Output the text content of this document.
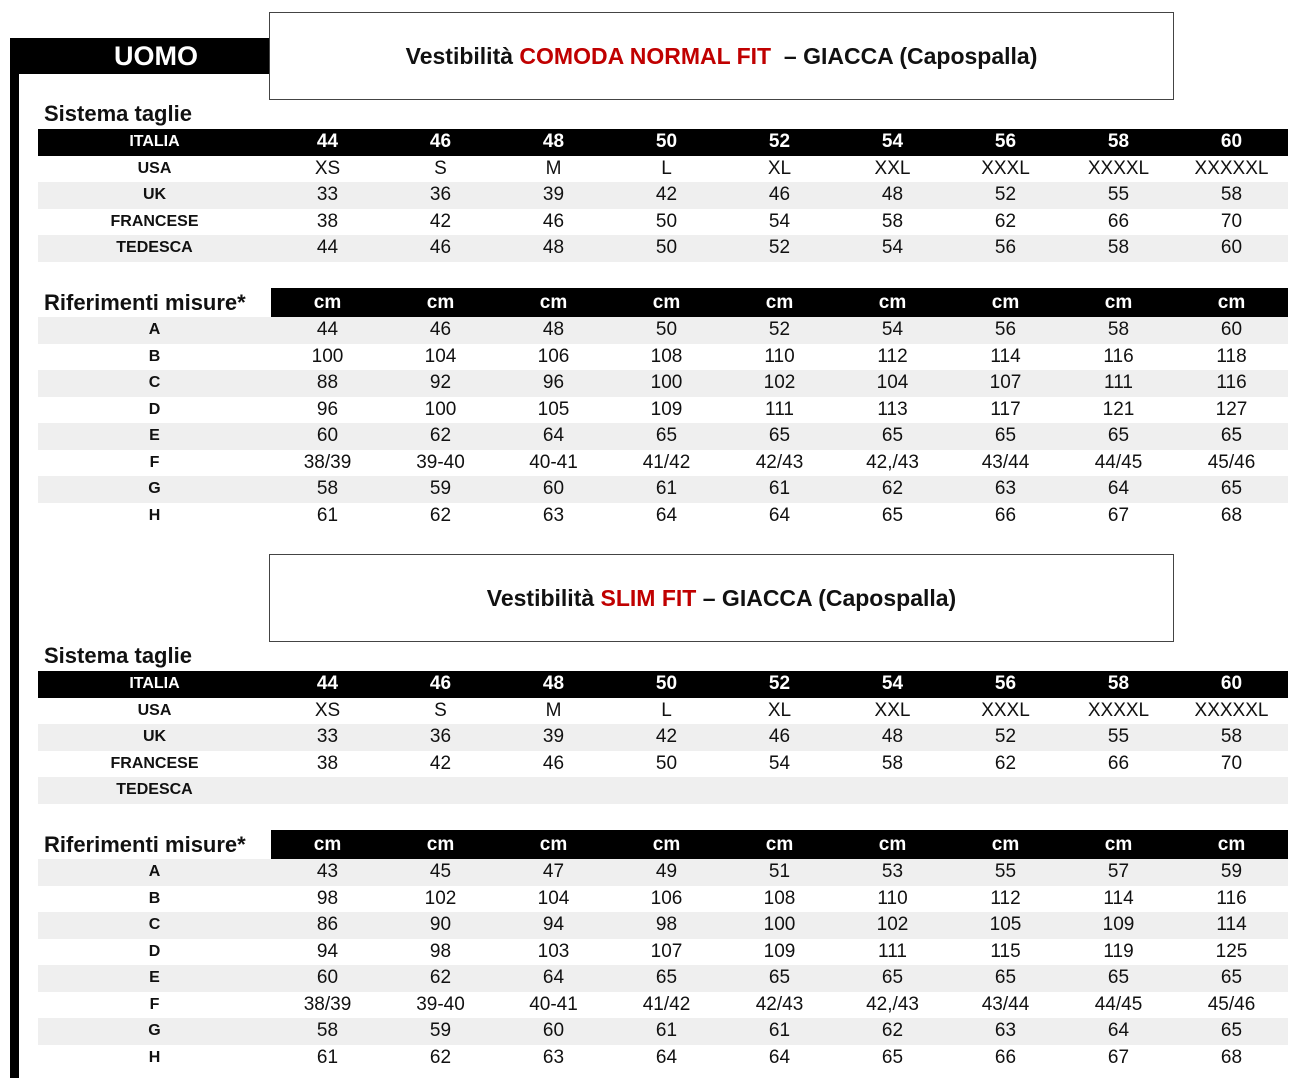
UOMO	Vestibilità COMODA NORMAL FIT  – GIACCA (Capospalla)
Sistema taglie
ITALIA	44	46	48	50	52	54	56	58	60
USA	XS	S	M	L	XL	XXL	XXXL	XXXXL	XXXXXL
UK	33	36	39	42	46	48	52	55	58
FRANCESE	38	42	46	50	54	58	62	66	70
TEDESCA	44	46	48	50	52	54	56	58	60
Riferimenti misure*	cm	cm	cm	cm	cm	cm	cm	cm	cm
A	44	46	48	50	52	54	56	58	60
B	100	104	106	108	110	112	114	116	118
C	88	92	96	100	102	104	107	111	116
D	96	100	105	109	111	113	117	121	127
E	60	62	64	65	65	65	65	65	65
F	38/39	39-40	40-41	41/42	42/43	42,/43	43/44	44/45	45/46
G	58	59	60	61	61	62	63	64	65
H	61	62	63	64	64	65	66	67	68
Vestibilità SLIM FIT – GIACCA (Capospalla)
Sistema taglie
ITALIA	44	46	48	50	52	54	56	58	60
USA	XS	S	M	L	XL	XXL	XXXL	XXXXL	XXXXXL
UK	33	36	39	42	46	48	52	55	58
FRANCESE	38	42	46	50	54	58	62	66	70
TEDESCA
Riferimenti misure*	cm	cm	cm	cm	cm	cm	cm	cm	cm
A	43	45	47	49	51	53	55	57	59
B	98	102	104	106	108	110	112	114	116
C	86	90	94	98	100	102	105	109	114
D	94	98	103	107	109	111	115	119	125
E	60	62	64	65	65	65	65	65	65
F	38/39	39-40	40-41	41/42	42/43	42,/43	43/44	44/45	45/46
G	58	59	60	61	61	62	63	64	65
H	61	62	63	64	64	65	66	67	68
